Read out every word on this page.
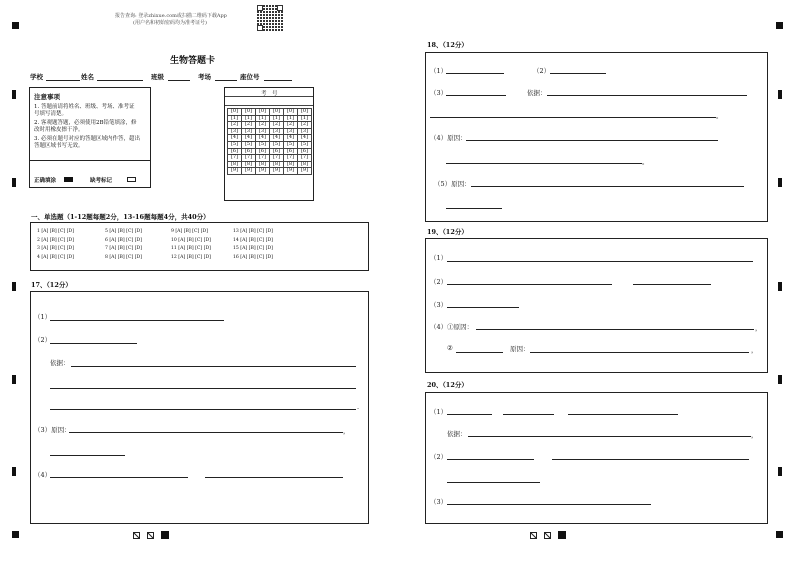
报告查询: 登录zhixue.com或扫描二维码下载App
(用户名和初始密码均为准考证号)
生物答题卡
学校	姓名	班级	考场	座位号
注意事项
1. 答题前请将姓名、班级、考场、准考证
号填写清楚。
2. 客观题答题，必须使用2B铅笔填涂，修
改时用橡皮擦干净。
3. 必须在题号对应的答题区域内作答，超出
答题区域书写无效。
正确填涂	缺考标记
考　号
[0]	[0]	[0]	[0]	[0]	[0]
[1]	[1]	[1]	[1]	[1]	[1]
[2]	[2]	[2]	[2]	[2]	[2]
[3]	[3]	[3]	[3]	[3]	[3]
[4]	[4]	[4]	[4]	[4]	[4]
[5]	[5]	[5]	[5]	[5]	[5]
[6]	[6]	[6]	[6]	[6]	[6]
[7]	[7]	[7]	[7]	[7]	[7]
[8]	[8]	[8]	[8]	[8]	[8]
[9]	[9]	[9]	[9]	[9]	[9]
一、单选题（1-12题每题2分，13-16题每题4分，共40分）
1 [A] [B] [C] [D]	5 [A] [B] [C] [D]	9 [A] [B] [C] [D]	13 [A] [B] [C] [D]
2 [A] [B] [C] [D]	6 [A] [B] [C] [D]	10 [A] [B] [C] [D]	14 [A] [B] [C] [D]
3 [A] [B] [C] [D]	7 [A] [B] [C] [D]	11 [A] [B] [C] [D]	15 [A] [B] [C] [D]
4 [A] [B] [C] [D]	8 [A] [B] [C] [D]	12 [A] [B] [C] [D]	16 [A] [B] [C] [D]
17、（12分）
（1）
（2）
依据：
.
（3）原因：	，
（4）
18、（12分）
（1）	（2）
（3）	依据：
。
（4）原因：
。
（5）原因：
19、（12分）
（1）
（2）
（3）
（4）①原因：	，
②	原因：	，
20、（12分）
（1）
依据：	，
（2）
（3）
